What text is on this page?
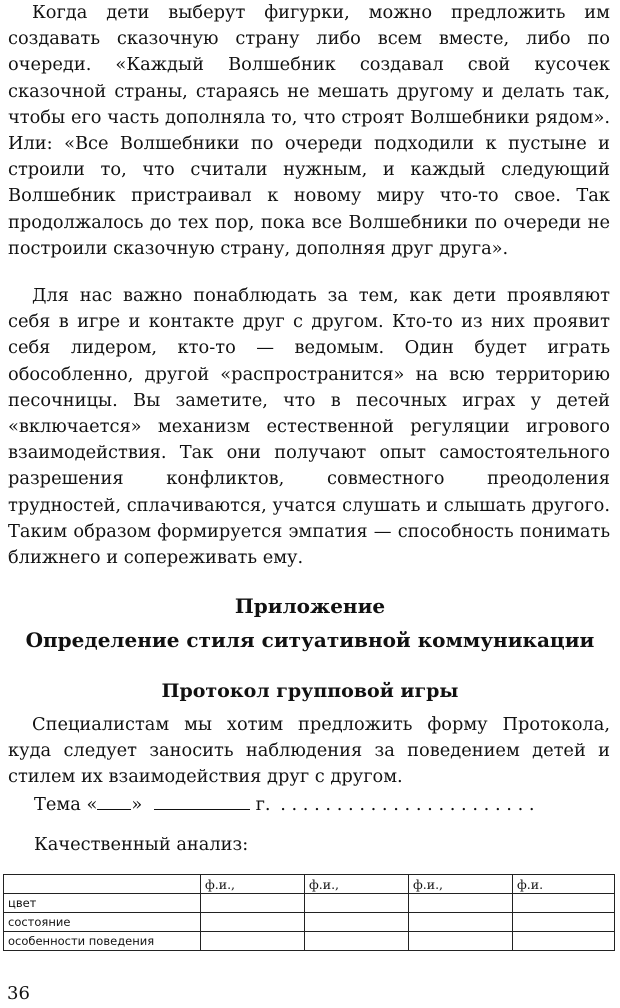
Когда дети выберут фигурки, можно предложить им создавать сказочную страну либо всем вместе, либо по очереди. «Каждый Волшебник создавал свой кусочек сказочной страны, стараясь не мешать другому и делать так, чтобы его часть дополняла то, что строят Волшебники рядом». Или: «Все Волшебники по очереди подходили к пустыне и строили то, что считали нужным, и каждый следующий Волшебник пристраивал к новому миру что-то свое. Так продолжалось до тех пор, пока все Волшебники по очереди не построили сказочную страну, дополняя друг друга».

Для нас важно понаблюдать за тем, как дети проявляют себя в игре и контакте друг с другом. Кто-то из них проявит себя лидером, кто-то — ведомым. Один будет играть обособленно, другой «распространится» на всю территорию песочницы. Вы заметите, что в песочных играх у детей «включается» механизм естественной регуляции игрового взаимодействия. Так они получают опыт самостоятельного разрешения конфликтов, совместного преодоления трудностей, сплачиваются, учатся слушать и слышать другого. Таким образом формируется эмпатия — способность понимать ближнего и сопереживать ему.

Приложение
Определение стиля ситуативной коммуникации
Протокол групповой игры

Специалистам мы хотим предложить форму Протокола, куда следует заносить наблюдения за поведением детей и стилем их взаимодействия друг с другом.

Тема « »	г. . . . . . . . . . . . . . . . . . . . . . . .
Качественный анализ:
	ф.и.,	ф.и.,	ф.и.,	ф.и.
цвет				
состояние				
особенности поведения				
36
